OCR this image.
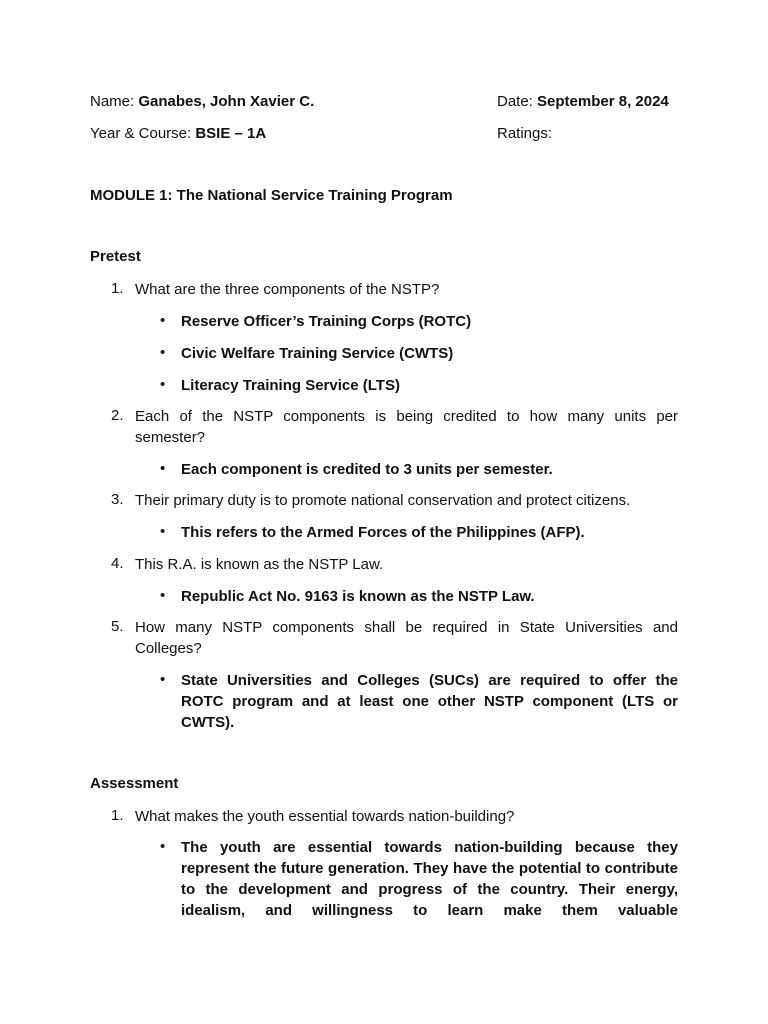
Name: Ganabes, John Xavier C.	Date: September 8, 2024
Year & Course: BSIE – 1A	Ratings:
MODULE 1: The National Service Training Program
Pretest
1. What are the three components of the NSTP?
• Reserve Officer’s Training Corps (ROTC)
• Civic Welfare Training Service (CWTS)
• Literacy Training Service (LTS)
2. Each of the NSTP components is being credited to how many units per semester?
• Each component is credited to 3 units per semester.
3. Their primary duty is to promote national conservation and protect citizens.
• This refers to the Armed Forces of the Philippines (AFP).
4. This R.A. is known as the NSTP Law.
• Republic Act No. 9163 is known as the NSTP Law.
5. How many NSTP components shall be required in State Universities and Colleges?
• State Universities and Colleges (SUCs) are required to offer the ROTC program and at least one other NSTP component (LTS or CWTS).
Assessment
1. What makes the youth essential towards nation-building?
• The youth are essential towards nation-building because they represent the future generation. They have the potential to contribute to the development and progress of the country. Their energy, idealism, and willingness to learn make them valuable
